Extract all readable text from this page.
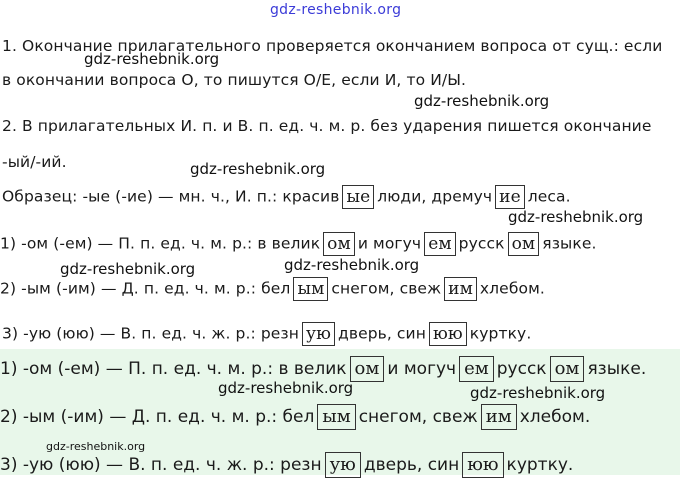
gdz-reshebnik.org
gdz-reshebnik.org
gdz-reshebnik.org
gdz-reshebnik.org
gdz-reshebnik.org
gdz-reshebnik.org
gdz-reshebnik.org
gdz-reshebnik.org	gdz-reshebnik.org
gdz-reshebnik.org
1. Окончание прилагательного проверяется окончанием вопроса от сущ.: если
в окончании вопроса О, то пишутся О/Е, если И, то И/Ы.
2. В прилагательных И. п. и В. п. ед. ч. м. р. без ударения пишется окончание
-ый/-ий.
Образец: -ые (-ие) — мн. ч., И. п.: красив ые люди, дремуч ие леса.
1) -ом (-ем) — П. п. ед. ч. м. р.: в велик ом и могуч ем русск ом языке.
2) -ым (-им) — Д. п. ед. ч. м. р.: бел ым снегом, свеж им хлебом.
3) -ую (юю) — В. п. ед. ч. ж. р.: резн ую дверь, син юю куртку.
1) -ом (-ем) — П. п. ед. ч. м. р.: в велик ом и могуч ем русск ом языке.
2) -ым (-им) — Д. п. ед. ч. м. р.: бел ым снегом, свеж им хлебом.
3) -ую (юю) — В. п. ед. ч. ж. р.: резн ую дверь, син юю куртку.
